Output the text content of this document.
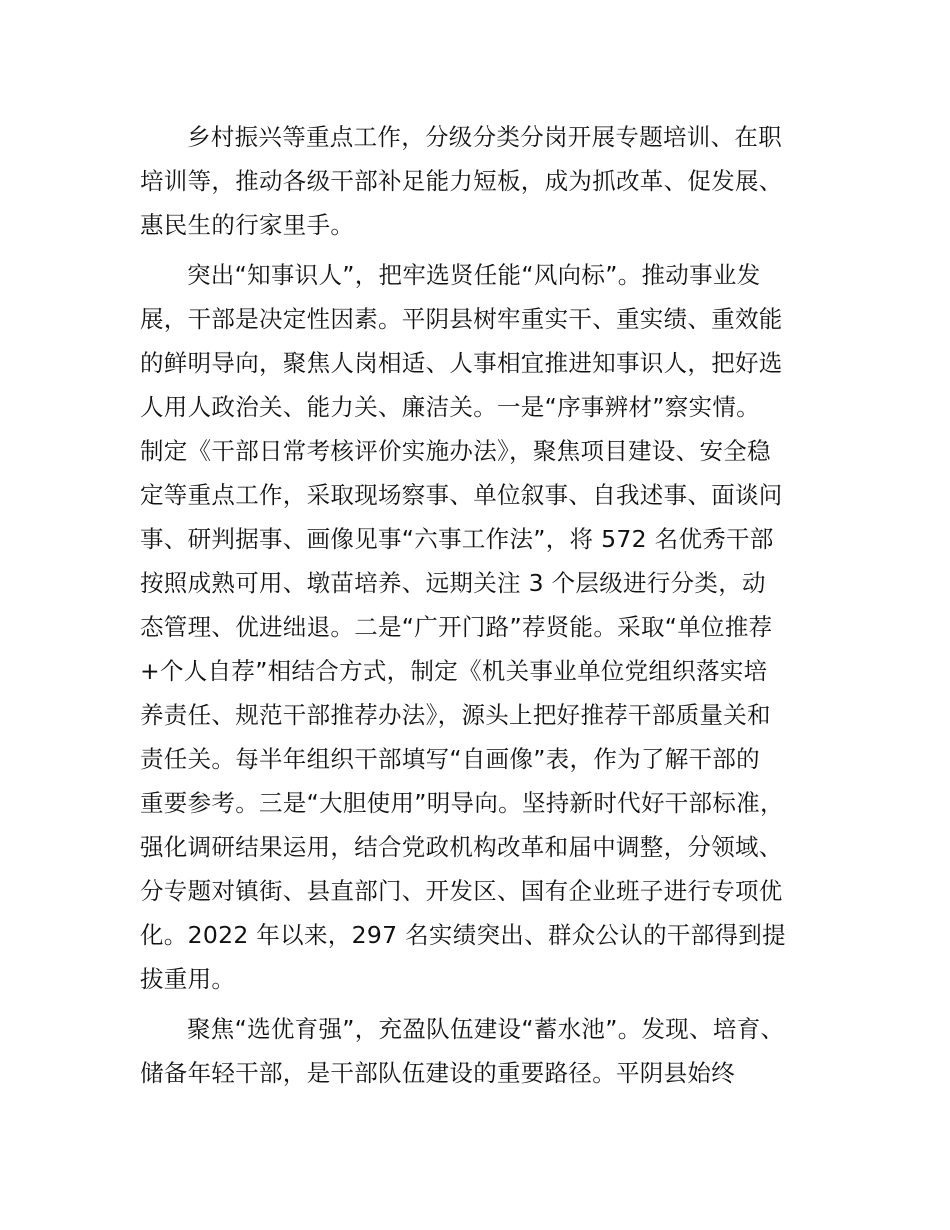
乡村振兴等重点工作，分级分类分岗开展专题培训、在职
培训等，推动各级干部补足能力短板，成为抓改革、促发展、
惠民生的行家里手。
突出“知事识人”，把牢选贤任能“风向标”。推动事业发
展，干部是决定性因素。平阴县树牢重实干、重实绩、重效能
的鲜明导向，聚焦人岗相适、人事相宜推进知事识人，把好选
人用人政治关、能力关、廉洁关。一是“序事辨材”察实情。
制定《干部日常考核评价实施办法》，聚焦项目建设、安全稳
定等重点工作，采取现场察事、单位叙事、自我述事、面谈问
事、研判据事、画像见事“六事工作法”，将 572 名优秀干部
按照成熟可用、墩苗培养、远期关注 3 个层级进行分类，动
态管理、优进绌退。二是“广开门路”荐贤能。采取“单位推荐
+个人自荐”相结合方式，制定《机关事业单位党组织落实培
养责任、规范干部推荐办法》，源头上把好推荐干部质量关和
责任关。每半年组织干部填写“自画像”表，作为了解干部的
重要参考。三是“大胆使用”明导向。坚持新时代好干部标准，
强化调研结果运用，结合党政机构改革和届中调整，分领域、
分专题对镇街、县直部门、开发区、国有企业班子进行专项优
化。2022 年以来，297 名实绩突出、群众公认的干部得到提
拔重用。
聚焦“选优育强”，充盈队伍建设“蓄水池”。发现、培育、
储备年轻干部，是干部队伍建设的重要路径。平阴县始终
